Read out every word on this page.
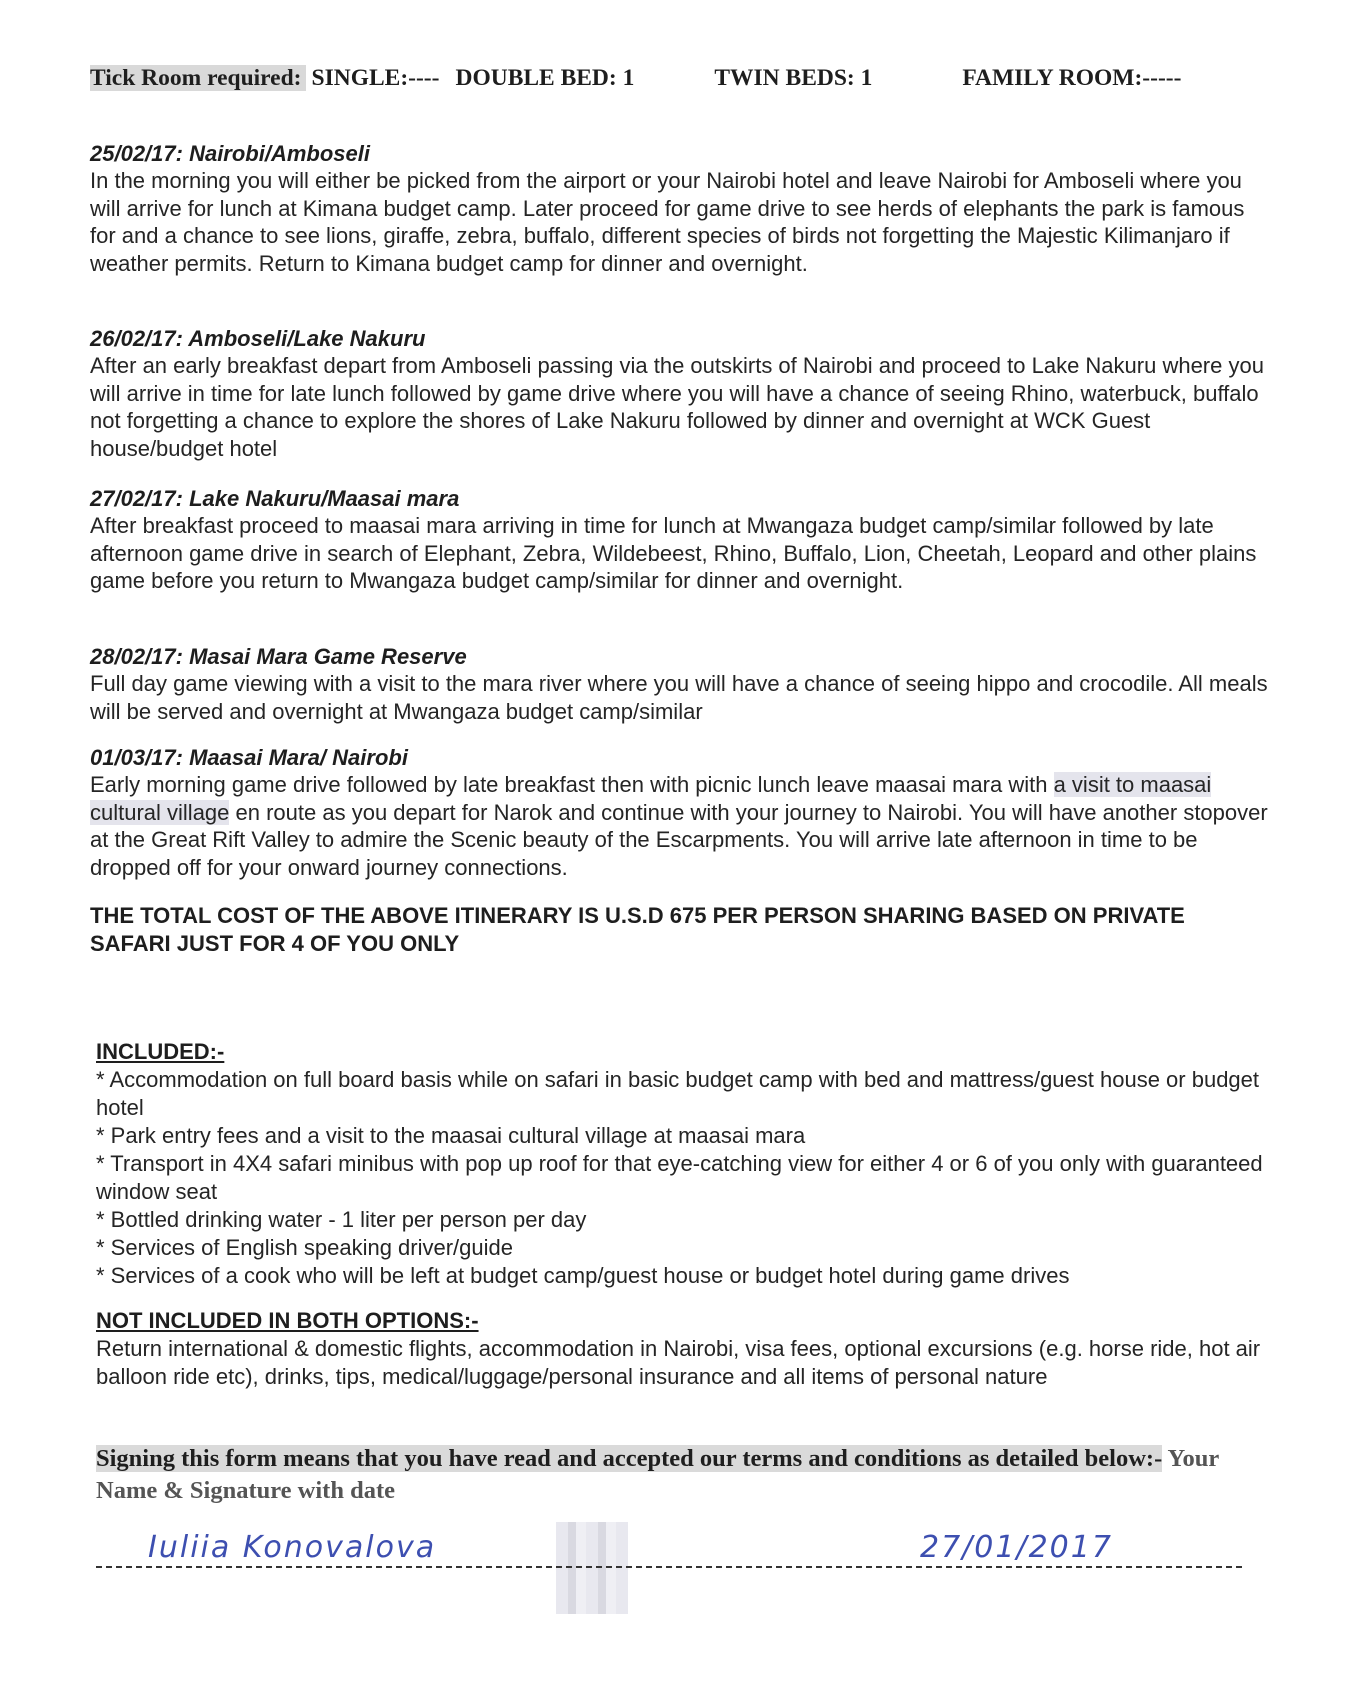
Tick Room required: SINGLE:---- DOUBLE BED: 1	TWIN BEDS: 1	FAMILY ROOM:-----
25/02/17: Nairobi/Amboseli
In the morning you will either be picked from the airport or your Nairobi hotel and leave Nairobi for Amboseli where you will arrive for lunch at Kimana budget camp. Later proceed for game drive to see herds of elephants the park is famous for and a chance to see lions, giraffe, zebra, buffalo, different species of birds not forgetting the Majestic Kilimanjaro if weather permits. Return to Kimana budget camp for dinner and overnight.
26/02/17: Amboseli/Lake Nakuru
After an early breakfast depart from Amboseli passing via the outskirts of Nairobi and proceed to Lake Nakuru where you will arrive in time for late lunch followed by game drive where you will have a chance of seeing Rhino, waterbuck, buffalo not forgetting a chance to explore the shores of Lake Nakuru followed by dinner and overnight at WCK Guest house/budget hotel
27/02/17: Lake Nakuru/Maasai mara
After breakfast proceed to maasai mara arriving in time for lunch at Mwangaza budget camp/similar followed by late afternoon game drive in search of Elephant, Zebra, Wildebeest, Rhino, Buffalo, Lion, Cheetah, Leopard and other plains game before you return to Mwangaza budget camp/similar for dinner and overnight.
28/02/17: Masai Mara Game Reserve
Full day game viewing with a visit to the mara river where you will have a chance of seeing hippo and crocodile. All meals will be served and overnight at Mwangaza budget camp/similar
01/03/17: Maasai Mara/ Nairobi
Early morning game drive followed by late breakfast then with picnic lunch leave maasai mara with a visit to maasai cultural village en route as you depart for Narok and continue with your journey to Nairobi. You will have another stopover at the Great Rift Valley to admire the Scenic beauty of the Escarpments. You will arrive late afternoon in time to be dropped off for your onward journey connections.
THE TOTAL COST OF THE ABOVE ITINERARY IS U.S.D 675 PER PERSON SHARING BASED ON PRIVATE SAFARI JUST FOR 4 OF YOU ONLY
INCLUDED:-
* Accommodation on full board basis while on safari in basic budget camp with bed and mattress/guest house or budget hotel
* Park entry fees and a visit to the maasai cultural village at maasai mara
* Transport in 4X4 safari minibus with pop up roof for that eye-catching view for either 4 or 6 of you only with guaranteed window seat
* Bottled drinking water - 1 liter per person per day
* Services of English speaking driver/guide
* Services of a cook who will be left at budget camp/guest house or budget hotel during game drives
NOT INCLUDED IN BOTH OPTIONS:-
Return international & domestic flights, accommodation in Nairobi, visa fees, optional excursions (e.g. horse ride, hot air balloon ride etc), drinks, tips, medical/luggage/personal insurance and all items of personal nature
Signing this form means that you have read and accepted our terms and conditions as detailed below:- Your Name & Signature with date
Iuliia Konovalova	27/01/2017
